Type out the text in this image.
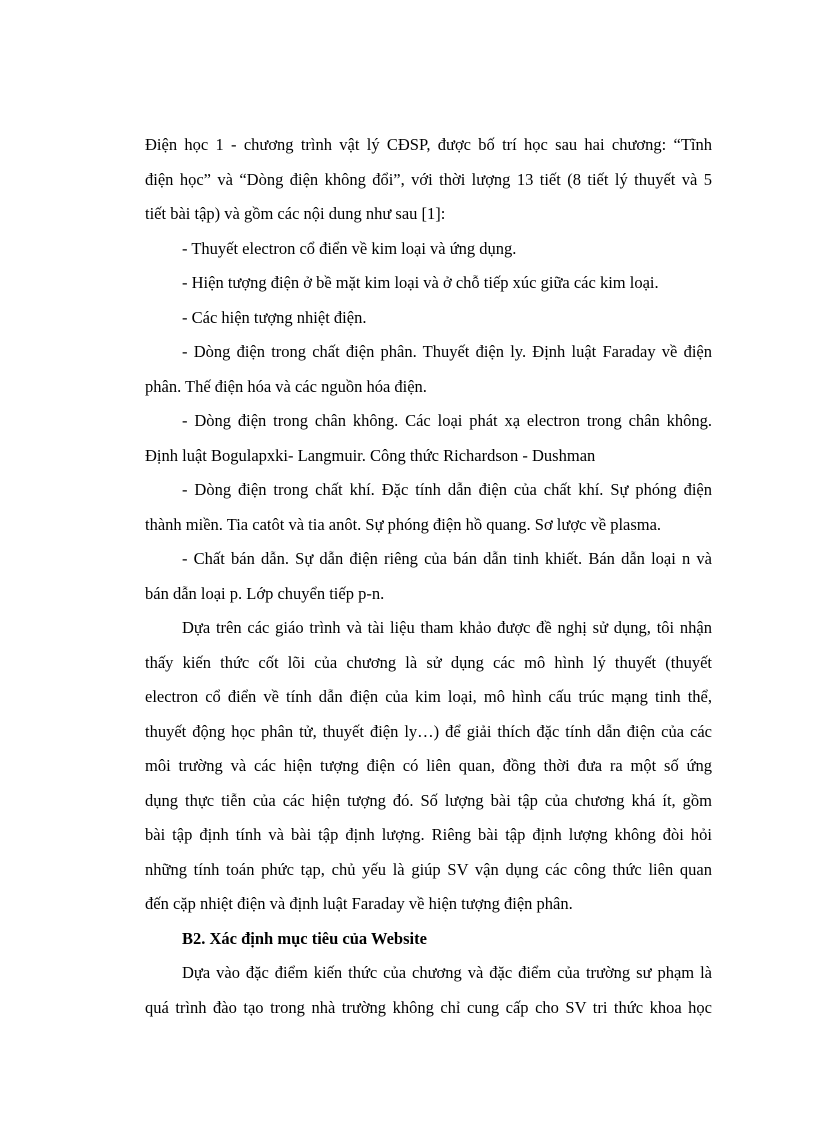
Điện học 1 - chương trình vật lý CĐSP, được bố trí học sau hai chương: “Tĩnh
điện học” và “Dòng điện không đổi”, với thời lượng 13 tiết (8 tiết lý thuyết và 5
tiết bài tập) và gồm các nội dung như sau [1]:
- Thuyết electron cổ điển về kim loại và ứng dụng.
- Hiện tượng điện ở bề mặt kim loại và ở chỗ tiếp xúc giữa các kim loại.
- Các hiện tượng nhiệt điện.
- Dòng điện trong chất điện phân. Thuyết điện ly. Định luật Faraday về điện
phân. Thế điện hóa và các nguồn hóa điện.
- Dòng điện trong chân không. Các loại phát xạ electron trong chân không.
Định luật Bogulapxki- Langmuir. Công thức Richardson - Dushman
- Dòng điện trong chất khí. Đặc tính dẫn điện của chất khí. Sự phóng điện
thành miền. Tia catôt và tia anôt. Sự phóng điện hồ quang. Sơ lược về plasma.
- Chất bán dẫn. Sự dẫn điện riêng của bán dẫn tinh khiết. Bán dẫn loại n và
bán dẫn loại p. Lớp chuyển tiếp p-n.
Dựa trên các giáo trình và tài liệu tham khảo được đề nghị sử dụng, tôi nhận
thấy kiến thức cốt lõi của chương là sử dụng các mô hình lý thuyết (thuyết
electron cổ điển về tính dẫn điện của kim loại, mô hình cấu trúc mạng tinh thể,
thuyết động học phân tử, thuyết điện ly…) để giải thích đặc tính dẫn điện của các
môi trường và các hiện tượng điện có liên quan, đồng thời đưa ra một số ứng
dụng thực tiễn của các hiện tượng đó. Số lượng bài tập của chương khá ít, gồm
bài tập định tính và bài tập định lượng. Riêng bài tập định lượng không đòi hỏi
những tính toán phức tạp, chủ yếu là giúp SV vận dụng các công thức liên quan
đến cặp nhiệt điện và định luật Faraday về hiện tượng điện phân.
B2. Xác định mục tiêu của Website
Dựa vào đặc điểm kiến thức của chương và đặc điểm của trường sư phạm là
quá trình đào tạo trong nhà trường không chỉ cung cấp cho SV tri thức khoa học
